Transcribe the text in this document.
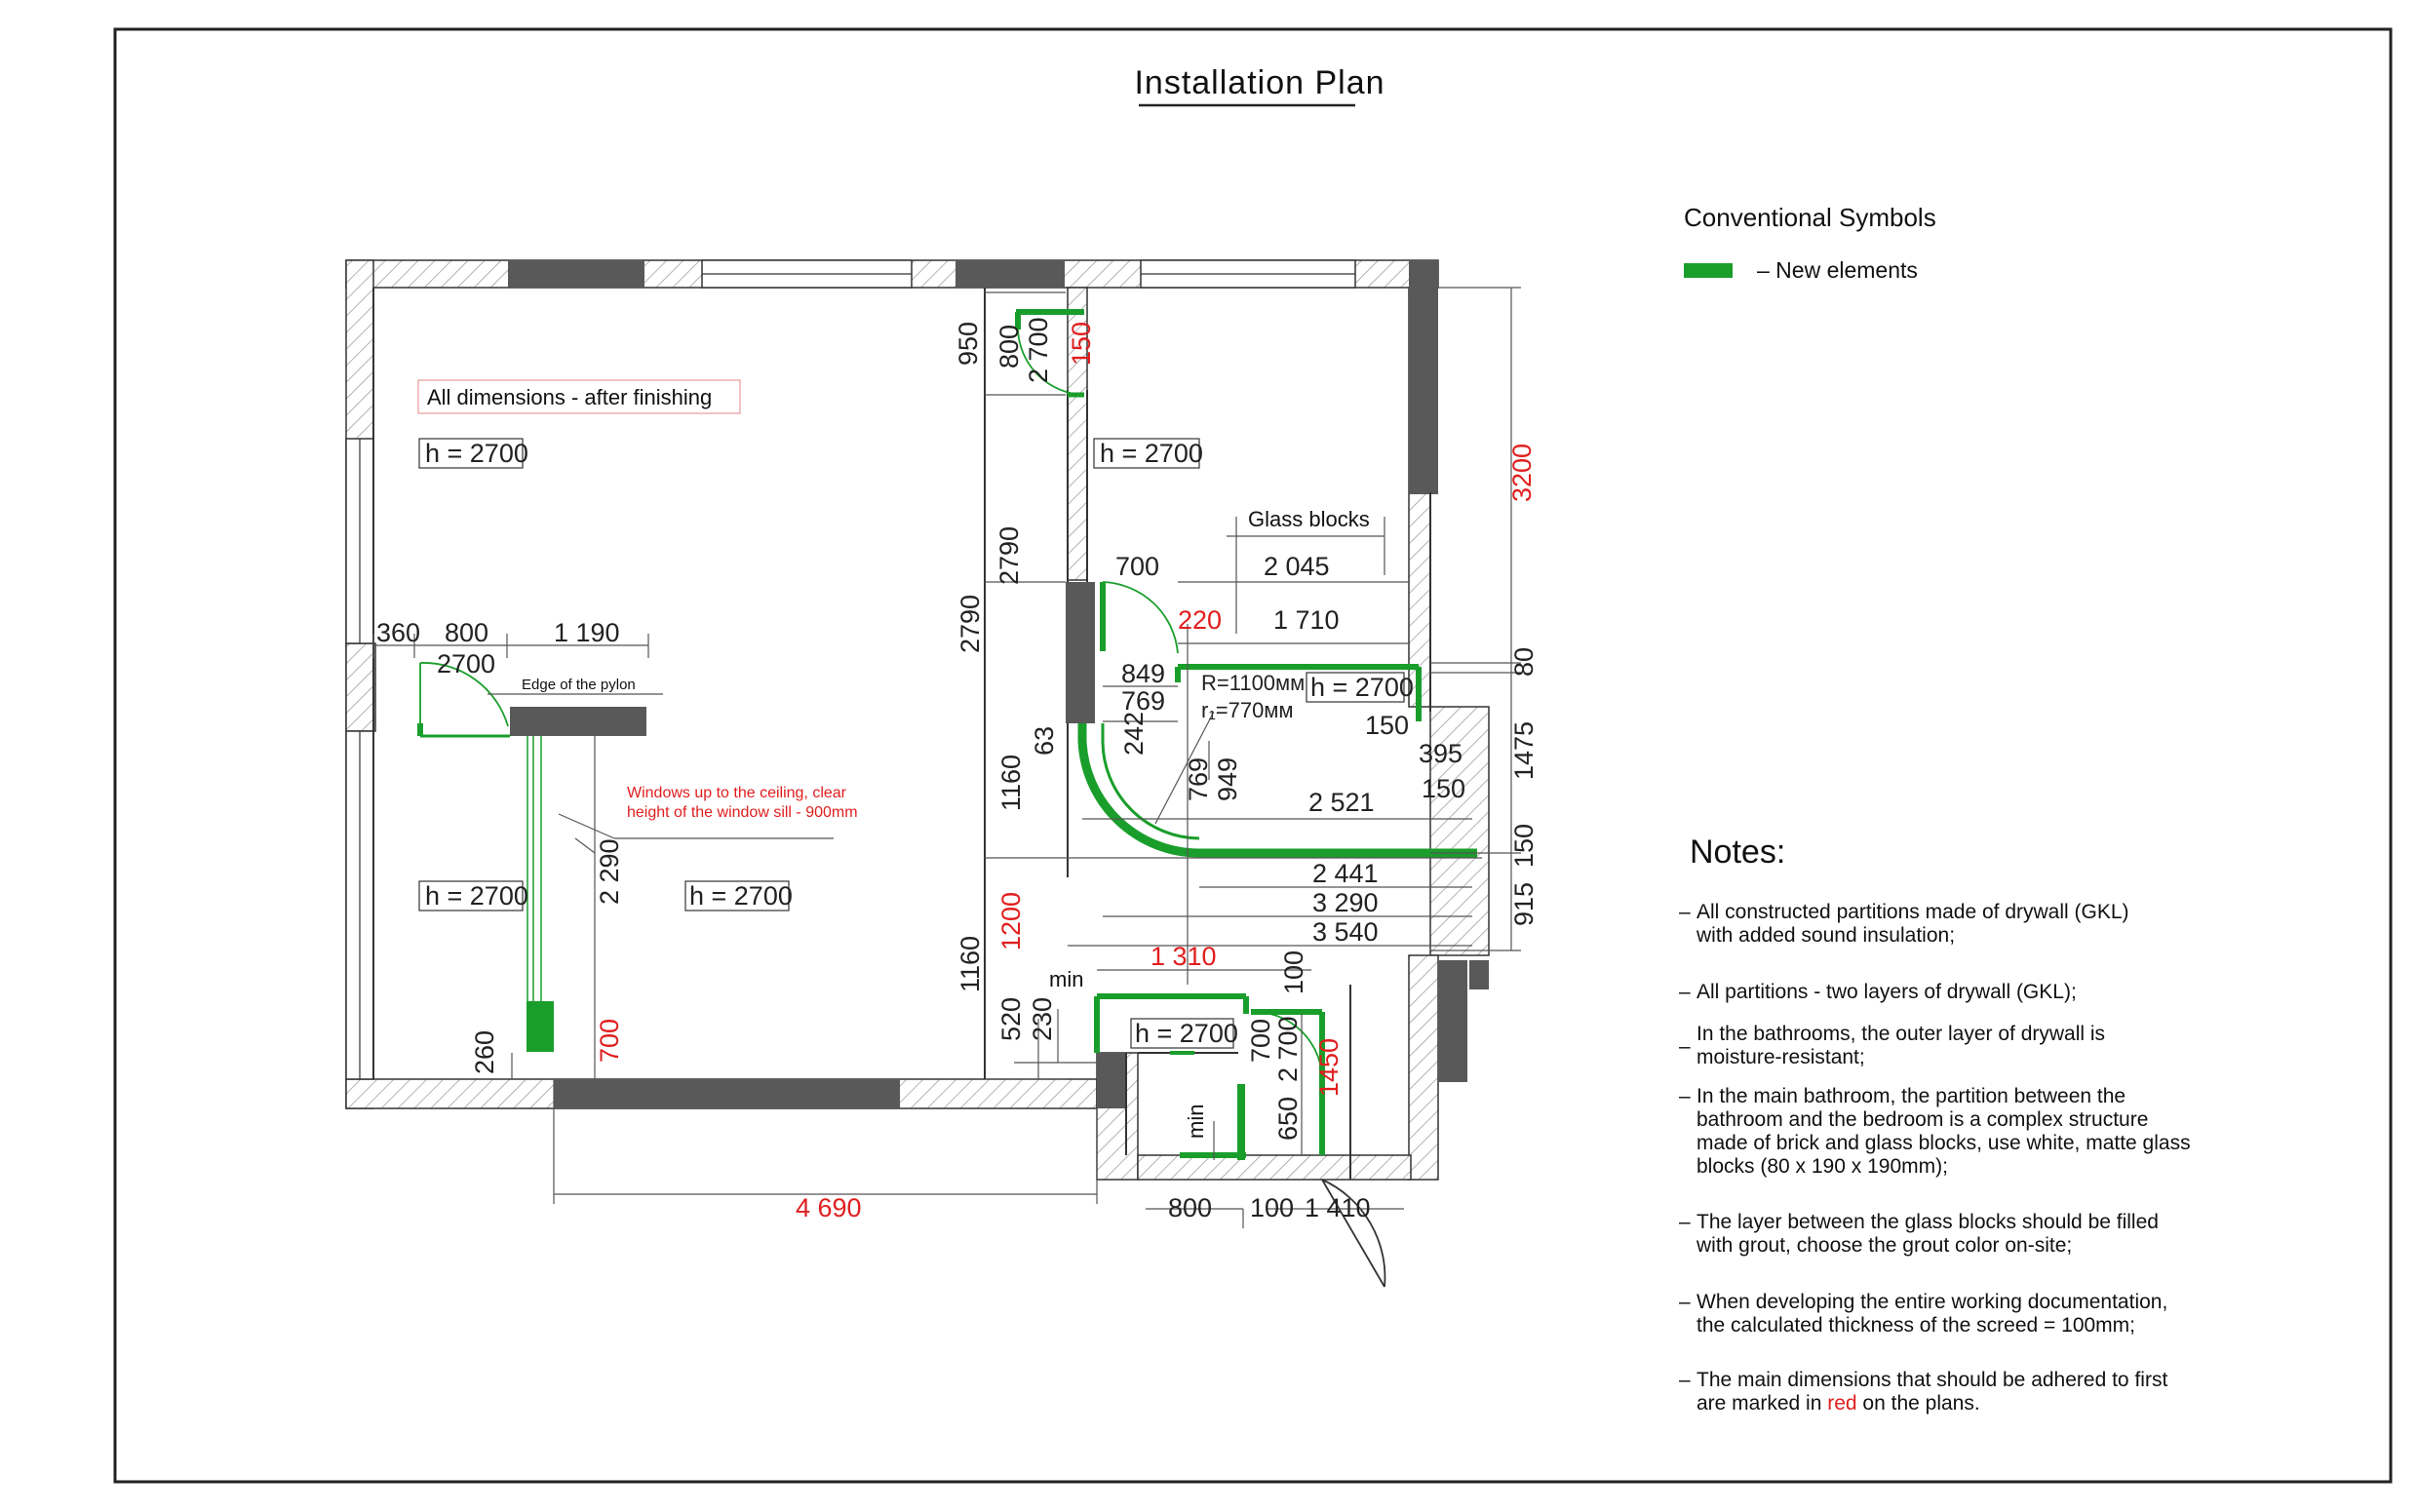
Installation Plan
All dimensions - after finishing
h = 2700	h = 2700
h = 2700
h = 2700	h = 2700
h = 2700
Glass blocks
Edge of the pylon
Windows up to the ceiling, clear
height of the window sill - 900mm
R=1100мм
r₁=770мм
min
min
950 800 2 700 150
3200
2790
2790	700	2 045
220 1 710
80
849
769
150
63 242
1160	769 949
395 1475
150
2 521
150
2 441
3 290
3 540
915
1200
1160
360 800 1 190
2700
2 290
700
260
4 690
1 310 100
520 230	700
2 700 1450
650
800 100 1 410
Conventional Symbols
– New elements
Notes:
– All constructed partitions made of drywall (GKL)
with added sound insulation;
– All partitions - two layers of drywall (GKL);
–
In the bathrooms, the outer layer of drywall is
moisture-resistant;
– In the main bathroom, the partition between the
bathroom and the bedroom is a complex structure
made of brick and glass blocks, use white, matte glass
blocks (80 x 190 x 190mm);
– The layer between the glass blocks should be filled
with grout, choose the grout color on-site;
– When developing the entire working documentation,
the calculated thickness of the screed = 100mm;
– The main dimensions that should be adhered to first
are marked in red on the plans.
